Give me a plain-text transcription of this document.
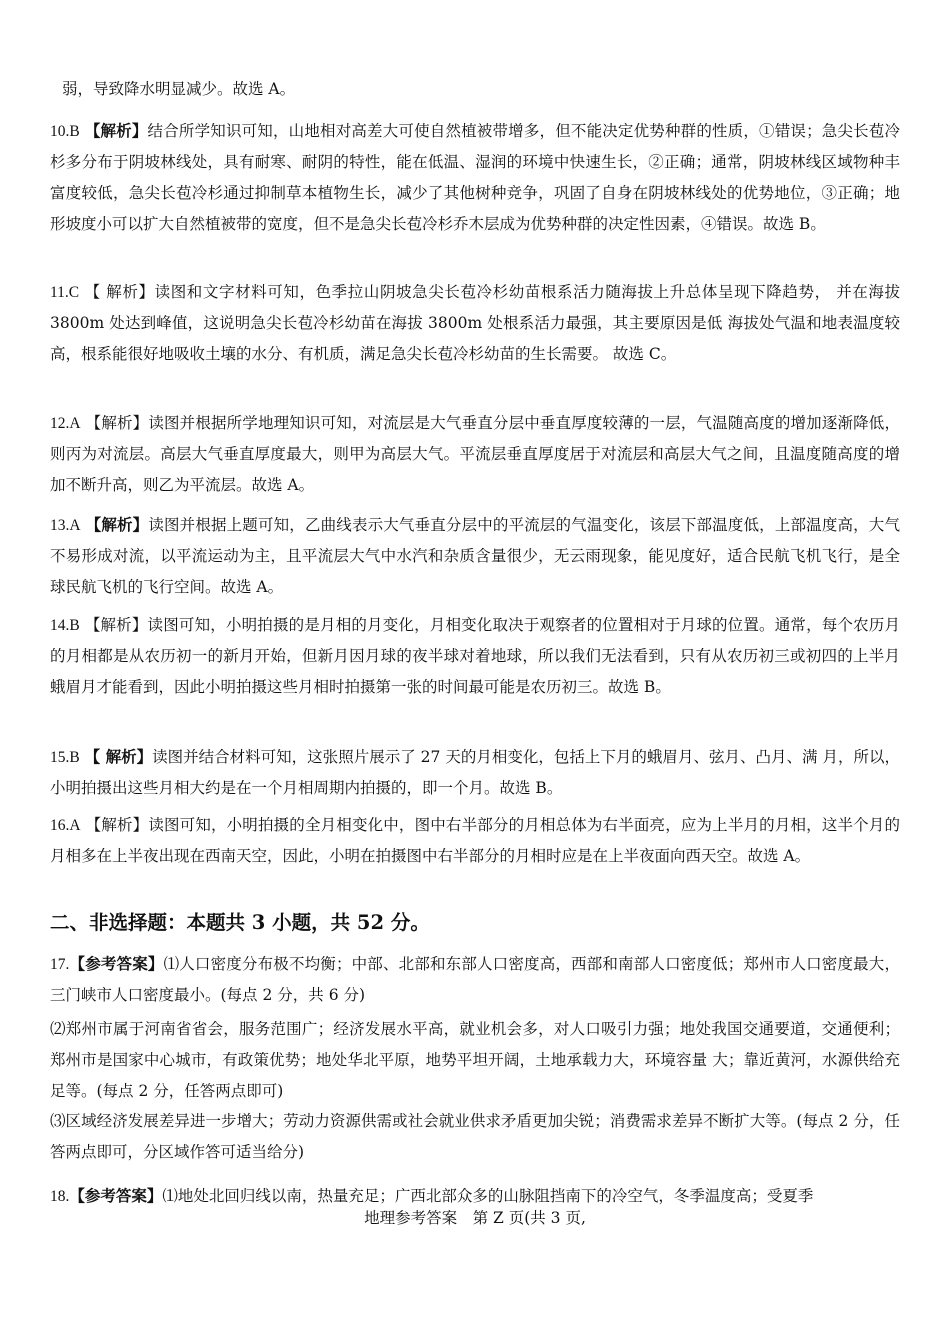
弱，导致降水明显减少。故选 A。

10.B 【解析】结合所学知识可知，山地相对高差大可使自然植被带增多，但不能决定优势种群的性质，①错误；急尖长苞冷杉多分布于阴坡林线处，具有耐寒、耐阴的特性，能在低温、湿润的环境中快速生长，②正确；通常，阴坡林线区域物种丰富度较低，急尖长苞冷杉通过抑制草本植物生长，减少了其他树种竞争，巩固了自身在阴坡林线处的优势地位，③正确；地形坡度小可以扩大自然植被带的宽度，但不是急尖长苞冷杉乔木层成为优势种群的决定性因素，④错误。故选 B。

11.C 【 解析】读图和文字材料可知，色季拉山阴坡急尖长苞冷杉幼苗根系活力随海拔上升总体呈现下降趋势， 并在海拔 3800m 处达到峰值，这说明急尖长苞冷杉幼苗在海拔 3800m 处根系活力最强，其主要原因是低 海拔处气温和地表温度较高，根系能很好地吸收土壤的水分、有机质，满足急尖长苞冷杉幼苗的生长需要。 故选 C。

12.A 【解析】读图并根据所学地理知识可知，对流层是大气垂直分层中垂直厚度较薄的一层，气温随高度的增加逐渐降低，则丙为对流层。高层大气垂直厚度最大，则甲为高层大气。平流层垂直厚度居于对流层和高层大气之间，且温度随高度的增加不断升高，则乙为平流层。故选 A。

13.A 【解析】读图并根据上题可知，乙曲线表示大气垂直分层中的平流层的气温变化，该层下部温度低，上部温度高，大气不易形成对流，以平流运动为主，且平流层大气中水汽和杂质含量很少，无云雨现象，能见度好，适合民航飞机飞行，是全球民航飞机的飞行空间。故选 A。

14.B 【解析】读图可知，小明拍摄的是月相的月变化，月相变化取决于观察者的位置相对于月球的位置。通常，每个农历月的月相都是从农历初一的新月开始，但新月因月球的夜半球对着地球，所以我们无法看到，只有从农历初三或初四的上半月蛾眉月才能看到，因此小明拍摄这些月相时拍摄第一张的时间最可能是农历初三。故选 B。

15.B 【 解析】读图并结合材料可知，这张照片展示了 27 天的月相变化，包括上下月的蛾眉月、弦月、凸月、满 月，所以，小明拍摄出这些月相大约是在一个月相周期内拍摄的，即一个月。故选 B。

16.A 【解析】读图可知，小明拍摄的全月相变化中，图中右半部分的月相总体为右半面亮，应为上半月的月相，这半个月的月相多在上半夜出现在西南天空，因此，小明在拍摄图中右半部分的月相时应是在上半夜面向西天空。故选 A。

二、非选择题：本题共 3 小题，共 52 分。

17.【参考答案】⑴人口密度分布极不均衡；中部、北部和东部人口密度高，西部和南部人口密度低；郑州市人口密度最大，三门峡市人口密度最小。(每点 2 分，共 6 分)

⑵郑州市属于河南省省会，服务范围广；经济发展水平高，就业机会多，对人口吸引力强；地处我国交通要道，交通便利；郑州市是国家中心城市，有政策优势；地处华北平原，地势平坦开阔，土地承载力大，环境容量 大；靠近黄河，水源供给充足等。(每点 2 分，任答两点即可)

⑶区域经济发展差异进一步增大；劳动力资源供需或社会就业供求矛盾更加尖锐；消费需求差异不断扩大等。(每点 2 分，任答两点即可，分区域作答可适当给分)

18.【参考答案】⑴地处北回归线以南，热量充足；广西北部众多的山脉阻挡南下的冷空气，冬季温度高；受夏季

地理参考答案　第 Z 页(共 3 页,
